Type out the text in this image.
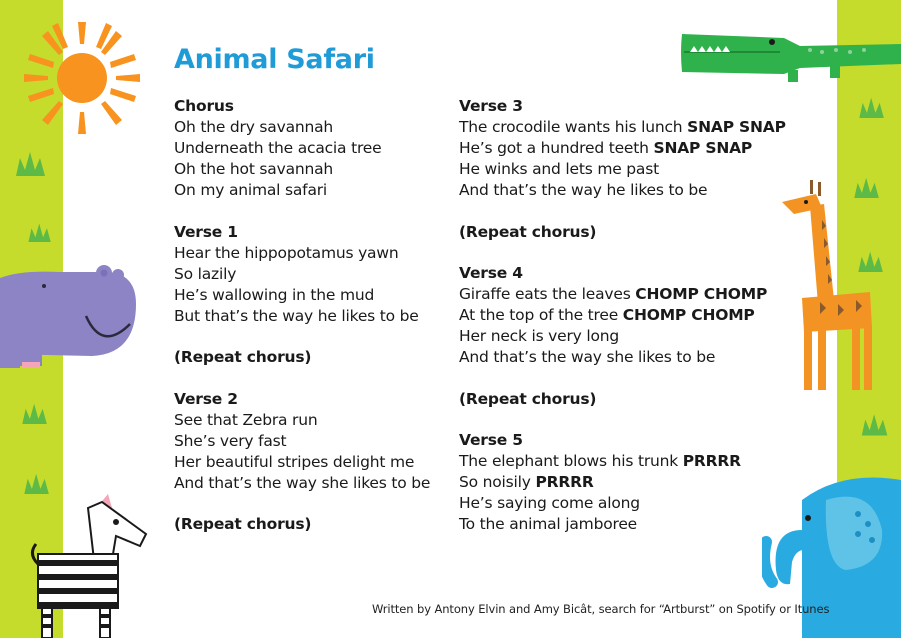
Animal Safari
Chorus
Oh the dry savannah
Underneath the acacia tree
Oh the hot savannah
On my animal safari
Verse 1
Hear the hippopotamus yawn
So lazily
He’s wallowing in the mud
But that’s the way he likes to be
(Repeat chorus)
Verse 2
See that Zebra run
She’s very fast
Her beautiful stripes delight me
And that’s the way she likes to be
(Repeat chorus)
Verse 3
The crocodile wants his lunch SNAP SNAP
He’s got a hundred teeth SNAP SNAP
He winks and lets me past
And that’s the way he likes to be
(Repeat chorus)
Verse 4
Giraffe eats the leaves CHOMP CHOMP
At the top of the tree CHOMP CHOMP
Her neck is very long
And that’s the way she likes to be
(Repeat chorus)
Verse 5
The elephant blows his trunk PRRRR
So noisily PRRRR
He’s saying come along
To the animal jamboree
Written by Antony Elvin and Amy Bicât, search for “Artburst” on Spotify or Itunes
